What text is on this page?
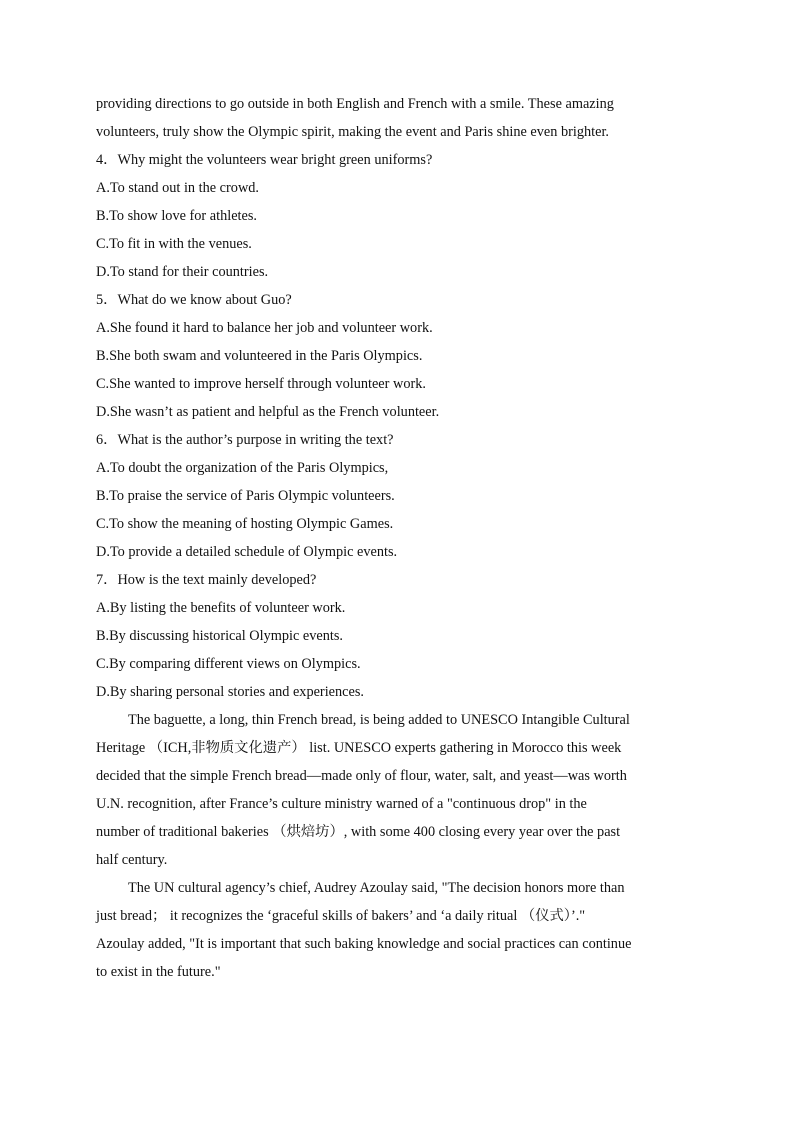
providing directions to go outside in both English and French with a smile. These amazing
volunteers, truly show the Olympic spirit, making the event and Paris shine even brighter.
4．Why might the volunteers wear bright green uniforms?
A.To stand out in the crowd.
B.To show love for athletes.
C.To fit in with the venues.
D.To stand for their countries.
5．What do we know about Guo?
A.She found it hard to balance her job and volunteer work.
B.She both swam and volunteered in the Paris Olympics.
C.She wanted to improve herself through volunteer work.
D.She wasn’t as patient and helpful as the French volunteer.
6．What is the author’s purpose in writing the text?
A.To doubt the organization of the Paris Olympics,
B.To praise the service of Paris Olympic volunteers.
C.To show the meaning of hosting Olympic Games.
D.To provide a detailed schedule of Olympic events.
7．How is the text mainly developed?
A.By listing the benefits of volunteer work.
B.By discussing historical Olympic events.
C.By comparing different views on Olympics.
D.By sharing personal stories and experiences.
The baguette, a long, thin French bread, is being added to UNESCO Intangible Cultural
Heritage （ICH,非物质文化遗产） list. UNESCO experts gathering in Morocco this week
decided that the simple French bread—made only of flour, water, salt, and yeast—was worth
U.N. recognition, after France’s culture ministry warned of a "continuous drop" in the
number of traditional bakeries （烘焙坊）, with some 400 closing every year over the past
half century.
The UN cultural agency’s chief, Audrey Azoulay said, "The decision honors more than
just bread； it recognizes the ‘graceful skills of bakers’ and ‘a daily ritual （仪式）’."
Azoulay added, "It is important that such baking knowledge and social practices can continue
to exist in the future."
